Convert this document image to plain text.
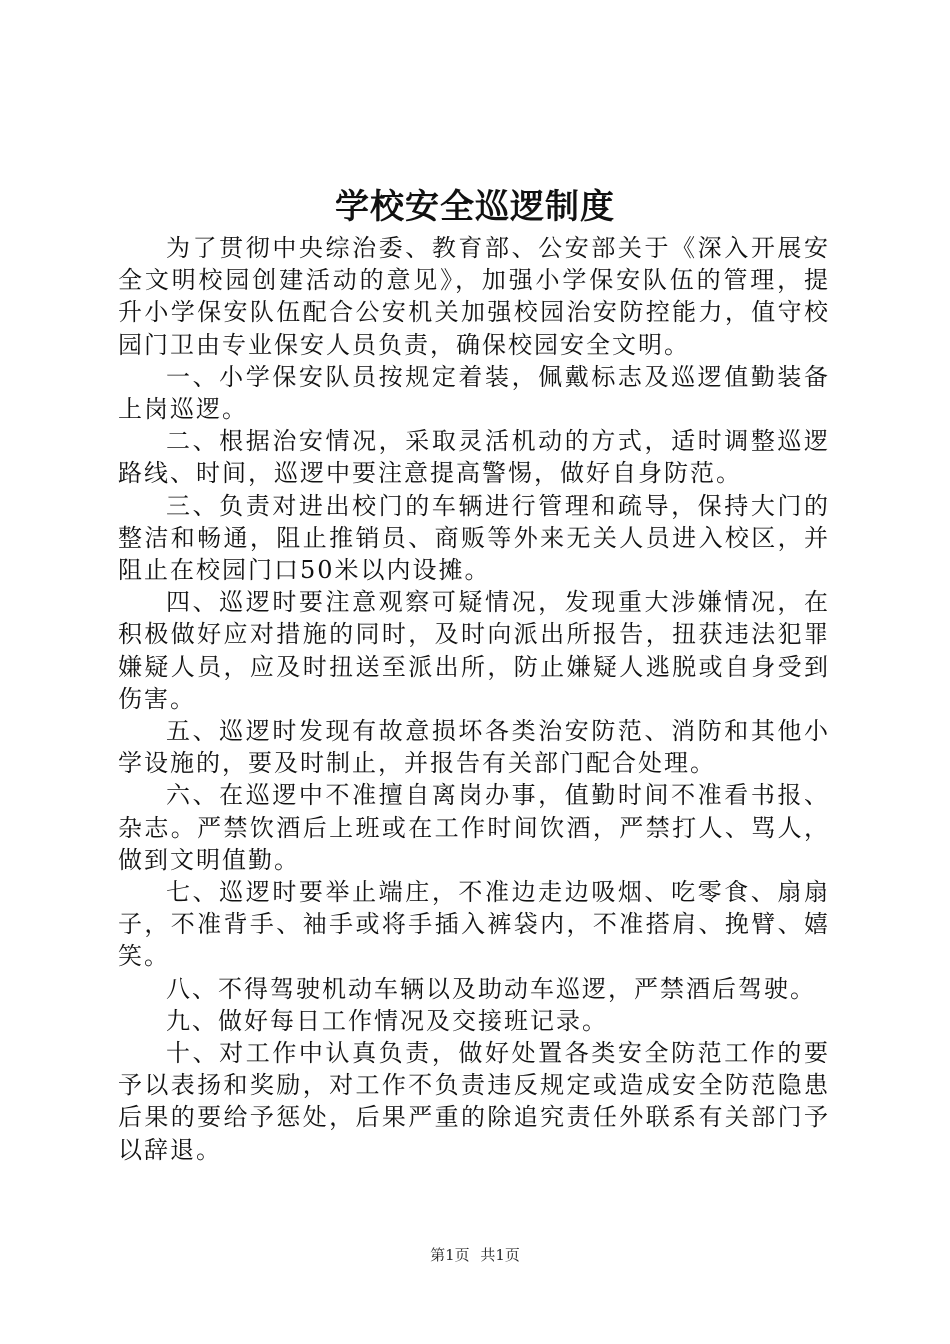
学校安全巡逻制度

为了贯彻中央综治委、教育部、公安部关于《深入开展安全文明校园创建活动的意见》，加强小学保安队伍的管理，提升小学保安队伍配合公安机关加强校园治安防控能力，值守校园门卫由专业保安人员负责，确保校园安全文明。

一、小学保安队员按规定着装，佩戴标志及巡逻值勤装备上岗巡逻。

二、根据治安情况，采取灵活机动的方式，适时调整巡逻路线、时间，巡逻中要注意提高警惕，做好自身防范。

三、负责对进出校门的车辆进行管理和疏导，保持大门的整洁和畅通，阻止推销员、商贩等外来无关人员进入校区，并阻止在校园门口50米以内设摊。

四、巡逻时要注意观察可疑情况，发现重大涉嫌情况，在积极做好应对措施的同时，及时向派出所报告，扭获违法犯罪嫌疑人员，应及时扭送至派出所，防止嫌疑人逃脱或自身受到伤害。

五、巡逻时发现有故意损坏各类治安防范、消防和其他小学设施的，要及时制止，并报告有关部门配合处理。

六、在巡逻中不准擅自离岗办事，值勤时间不准看书报、杂志。严禁饮酒后上班或在工作时间饮酒，严禁打人、骂人，做到文明值勤。

七、巡逻时要举止端庄，不准边走边吸烟、吃零食、扇扇子，不准背手、袖手或将手插入裤袋内，不准搭肩、挽臂、嬉笑。

八、不得驾驶机动车辆以及助动车巡逻，严禁酒后驾驶。

九、做好每日工作情况及交接班记录。

十、对工作中认真负责，做好处置各类安全防范工作的要予以表扬和奖励，对工作不负责违反规定或造成安全防范隐患后果的要给予惩处，后果严重的除追究责任外联系有关部门予以辞退。

第1页 共1页
